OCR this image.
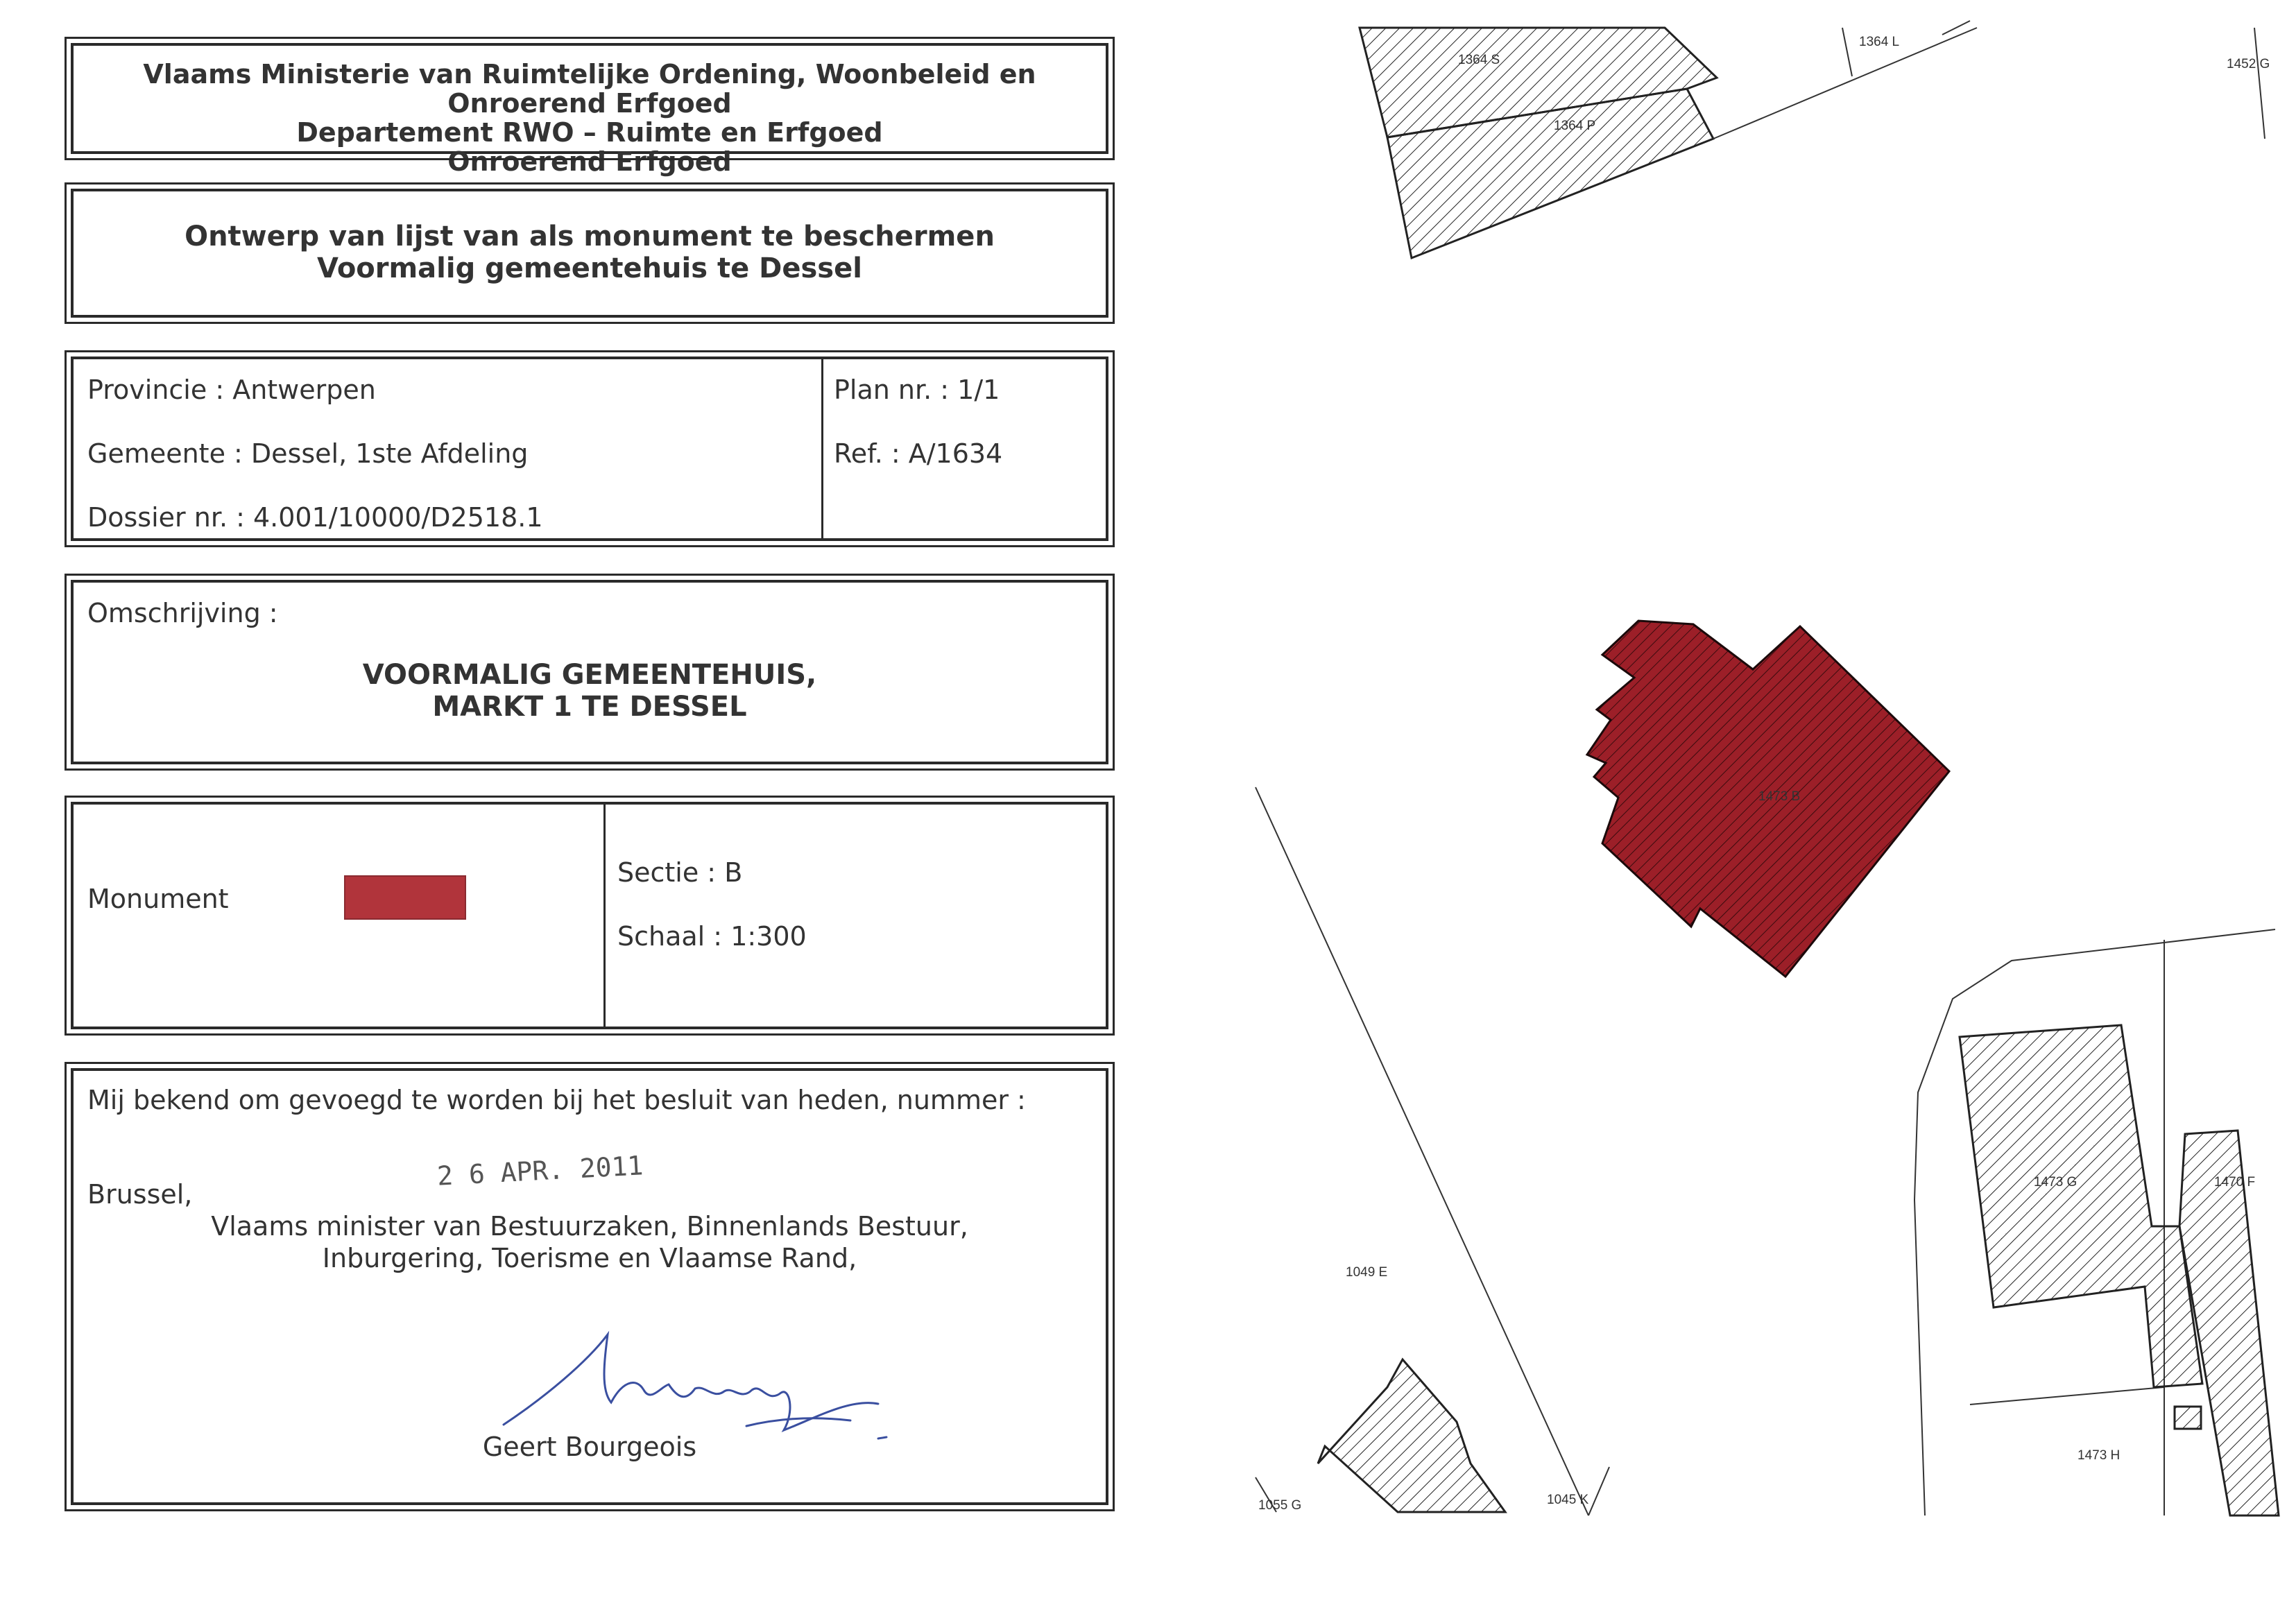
Vlaams Ministerie van Ruimtelijke Ordening, Woonbeleid en Onroerend Erfgoed
Departement RWO – Ruimte en Erfgoed
Onroerend Erfgoed
Ontwerp van lijst van als monument te beschermen
Voormalig gemeentehuis te Dessel
Provincie : Antwerpen
Gemeente : Dessel, 1ste Afdeling
Dossier nr. : 4.001/10000/D2518.1
Plan nr. : 1/1
Ref. : A/1634
Omschrijving :
VOORMALIG GEMEENTEHUIS,
MARKT 1 TE DESSEL
Monument
Sectie : B
Schaal : 1:300
Mij bekend om gevoegd te worden bij het besluit van heden, nummer :
2 6 APR. 2011
Brussel,
Vlaams minister van Bestuurzaken, Binnenlands Bestuur,
Inburgering, Toerisme en Vlaamse Rand,
Geert Bourgeois
1364 S
1364 P
1364 L
1452 G
1473 B
1473 G	1470 F
1473 H
1049 E
1055 G	1045 K
